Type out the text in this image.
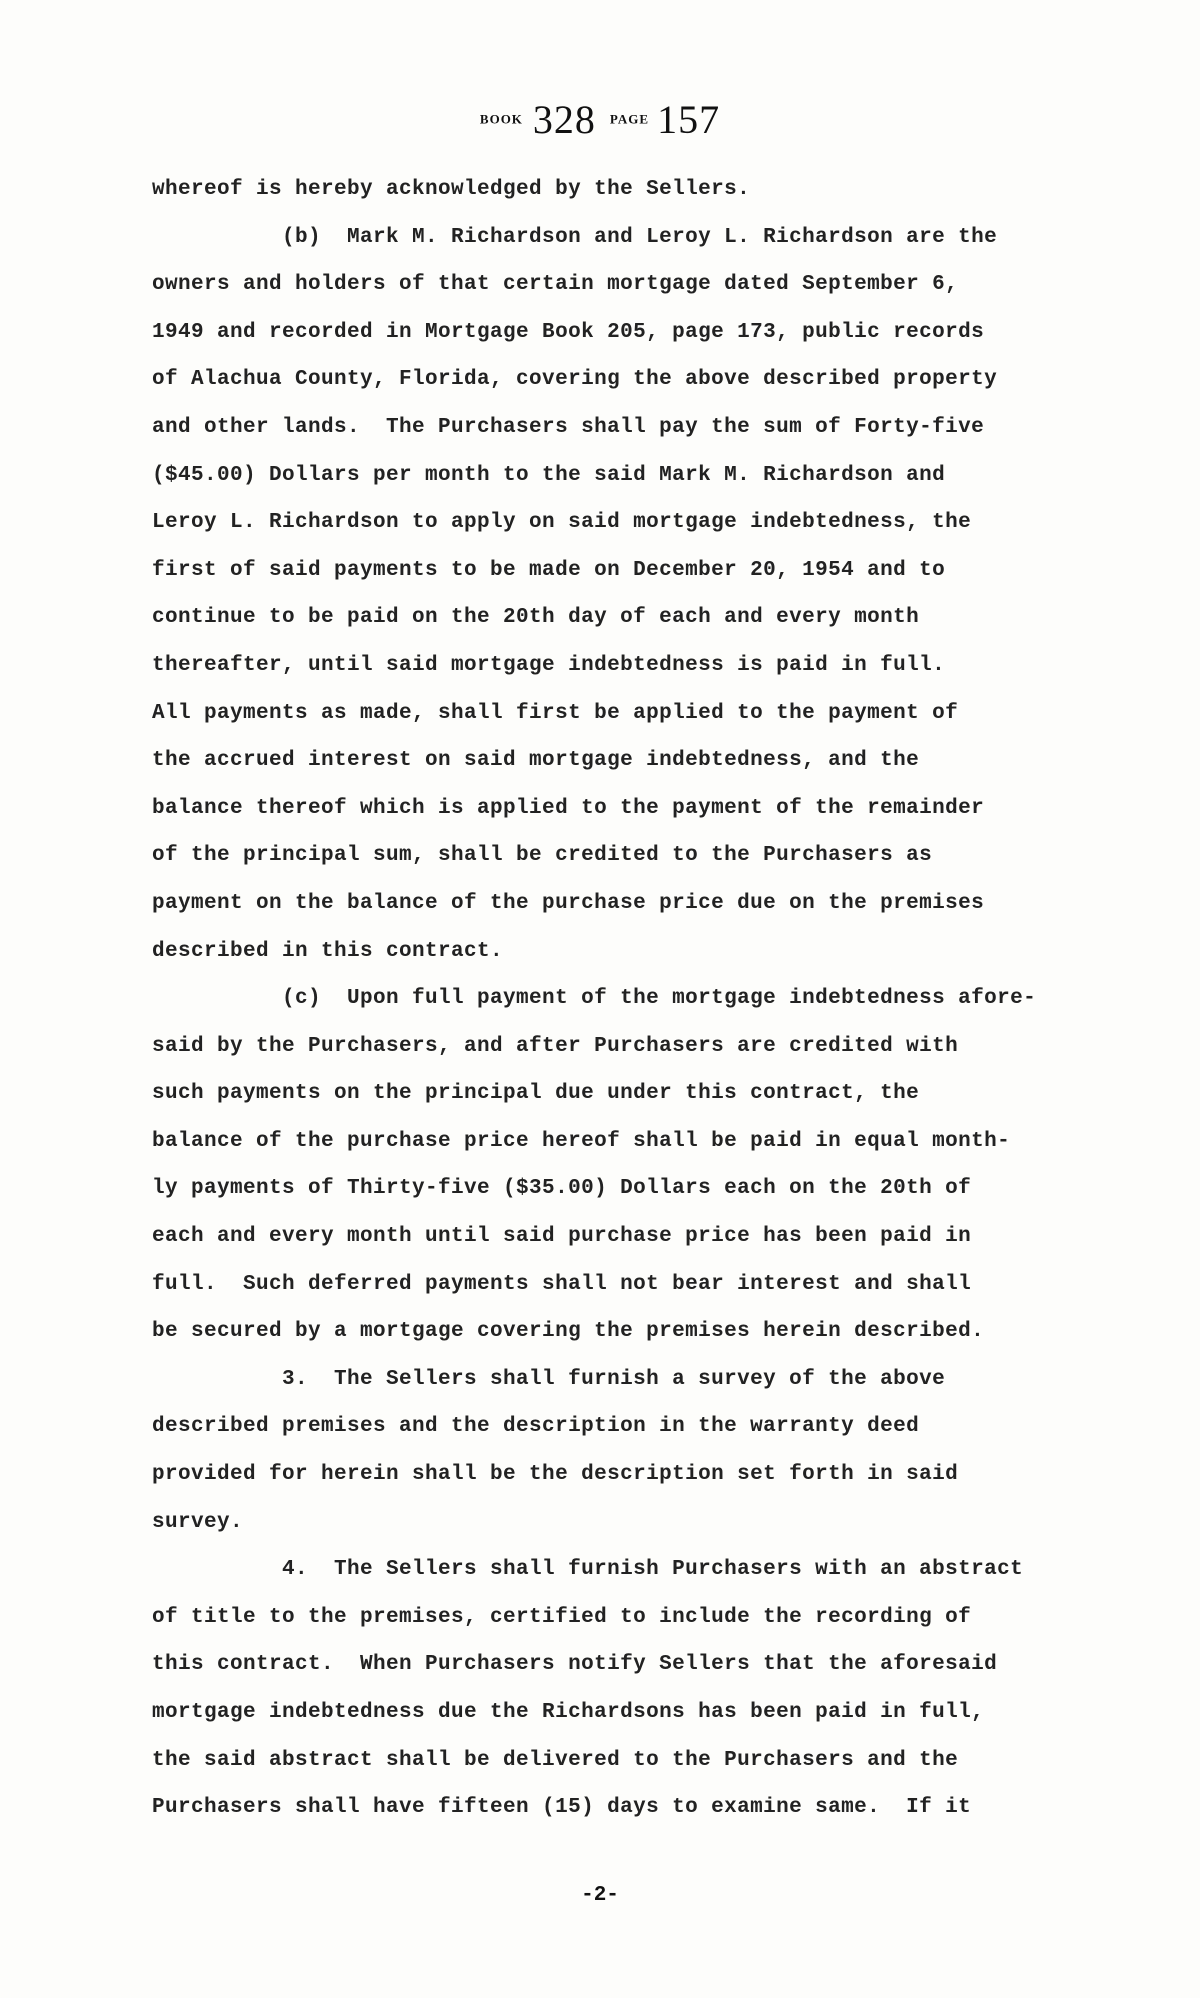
BOOK 328 PAGE 157
whereof is hereby acknowledged by the Sellers.
(b)  Mark M. Richardson and Leroy L. Richardson are the
owners and holders of that certain mortgage dated September 6,
1949 and recorded in Mortgage Book 205, page 173, public records
of Alachua County, Florida, covering the above described property
and other lands.  The Purchasers shall pay the sum of Forty-five
($45.00) Dollars per month to the said Mark M. Richardson and
Leroy L. Richardson to apply on said mortgage indebtedness, the
first of said payments to be made on December 20, 1954 and to
continue to be paid on the 20th day of each and every month
thereafter, until said mortgage indebtedness is paid in full.
All payments as made, shall first be applied to the payment of
the accrued interest on said mortgage indebtedness, and the
balance thereof which is applied to the payment of the remainder
of the principal sum, shall be credited to the Purchasers as
payment on the balance of the purchase price due on the premises
described in this contract.
(c)  Upon full payment of the mortgage indebtedness afore-
said by the Purchasers, and after Purchasers are credited with
such payments on the principal due under this contract, the
balance of the purchase price hereof shall be paid in equal month-
ly payments of Thirty-five ($35.00) Dollars each on the 20th of
each and every month until said purchase price has been paid in
full.  Such deferred payments shall not bear interest and shall
be secured by a mortgage covering the premises herein described.
3.  The Sellers shall furnish a survey of the above
described premises and the description in the warranty deed
provided for herein shall be the description set forth in said
survey.
4.  The Sellers shall furnish Purchasers with an abstract
of title to the premises, certified to include the recording of
this contract.  When Purchasers notify Sellers that the aforesaid
mortgage indebtedness due the Richardsons has been paid in full,
the said abstract shall be delivered to the Purchasers and the
Purchasers shall have fifteen (15) days to examine same.  If it
-2-
